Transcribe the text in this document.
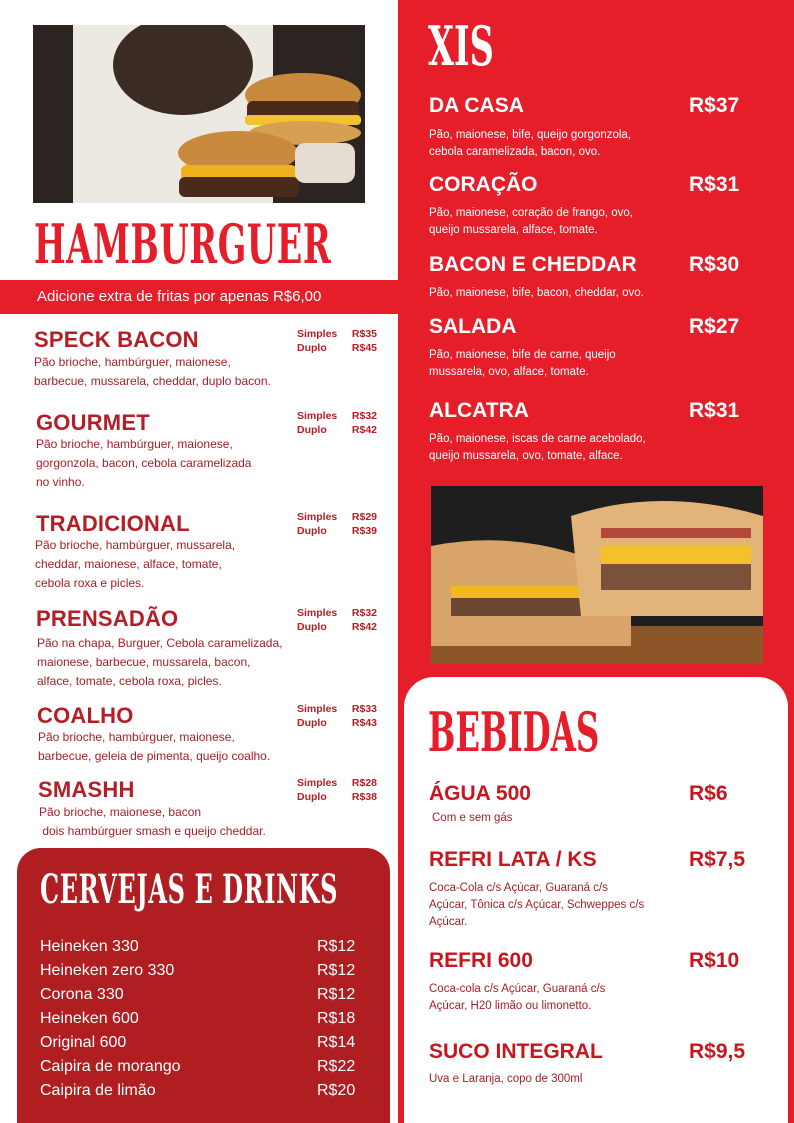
HAMBURGUER
Adicione extra de fritas por apenas R$6,00
SPECK BACON
Pão brioche, hambúrguer, maionese,
barbecue, mussarela, cheddar, duplo bacon.
Simples R$35
Duplo R$45
GOURMET
Pão brioche, hambúrguer, maionese,
gorgonzola, bacon, cebola caramelizada
no vinho.
Simples R$32
Duplo R$42
TRADICIONAL
Pão brioche, hambúrguer, mussarela,
cheddar, maionese, alface, tomate,
cebola roxa e picles.
Simples R$29
Duplo R$39
PRENSADÃO
Pão na chapa, Burguer, Cebola caramelizada,
maionese, barbecue, mussarela, bacon,
alface, tomate, cebola roxa, picles.
Simples R$32
Duplo R$42
COALHO
Pão brioche, hambúrguer, maionese,
barbecue, geleia de pimenta, queijo coalho.
Simples R$33
Duplo R$43
SMASHH
Pão brioche, maionese, bacon
dois hambúrguer smash e queijo cheddar.
Simples R$28
Duplo R$38
CERVEJAS E DRINKS
Heineken 330	R$12
Heineken zero 330	R$12
Corona 330	R$12
Heineken 600	R$18
Original 600	R$14
Caipira de morango	R$22
Caipira de limão	R$20
XIS
DA CASA	R$37
Pão, maionese, bife, queijo gorgonzola,
cebola caramelizada, bacon, ovo.
CORAÇÃO	R$31
Pão, maionese, coração de frango, ovo,
queijo mussarela, alface, tomate.
BACON E CHEDDAR R$30
Pão, maionese, bife, bacon, cheddar, ovo.
SALADA	R$27
Pão, maionese, bife de carne, queijo
mussarela, ovo, alface, tomate.
ALCATRA	R$31
Pão, maionese, iscas de carne acebolado,
queijo mussarela, ovo, tomate, alface.
BEBIDAS
ÁGUA 500	R$6
Com e sem gás
REFRI LATA / KS	R$7,5
Coca-Cola c/s Açúcar, Guaraná c/s
Açúcar, Tônica c/s Açúcar, Schweppes c/s
Açúcar.
REFRI 600	R$10
Coca-cola c/s Açúcar, Guaraná c/s
Açúcar, H20 limão ou limonetto.
SUCO INTEGRAL	R$9,5
Uva e Laranja, copo de 300ml
